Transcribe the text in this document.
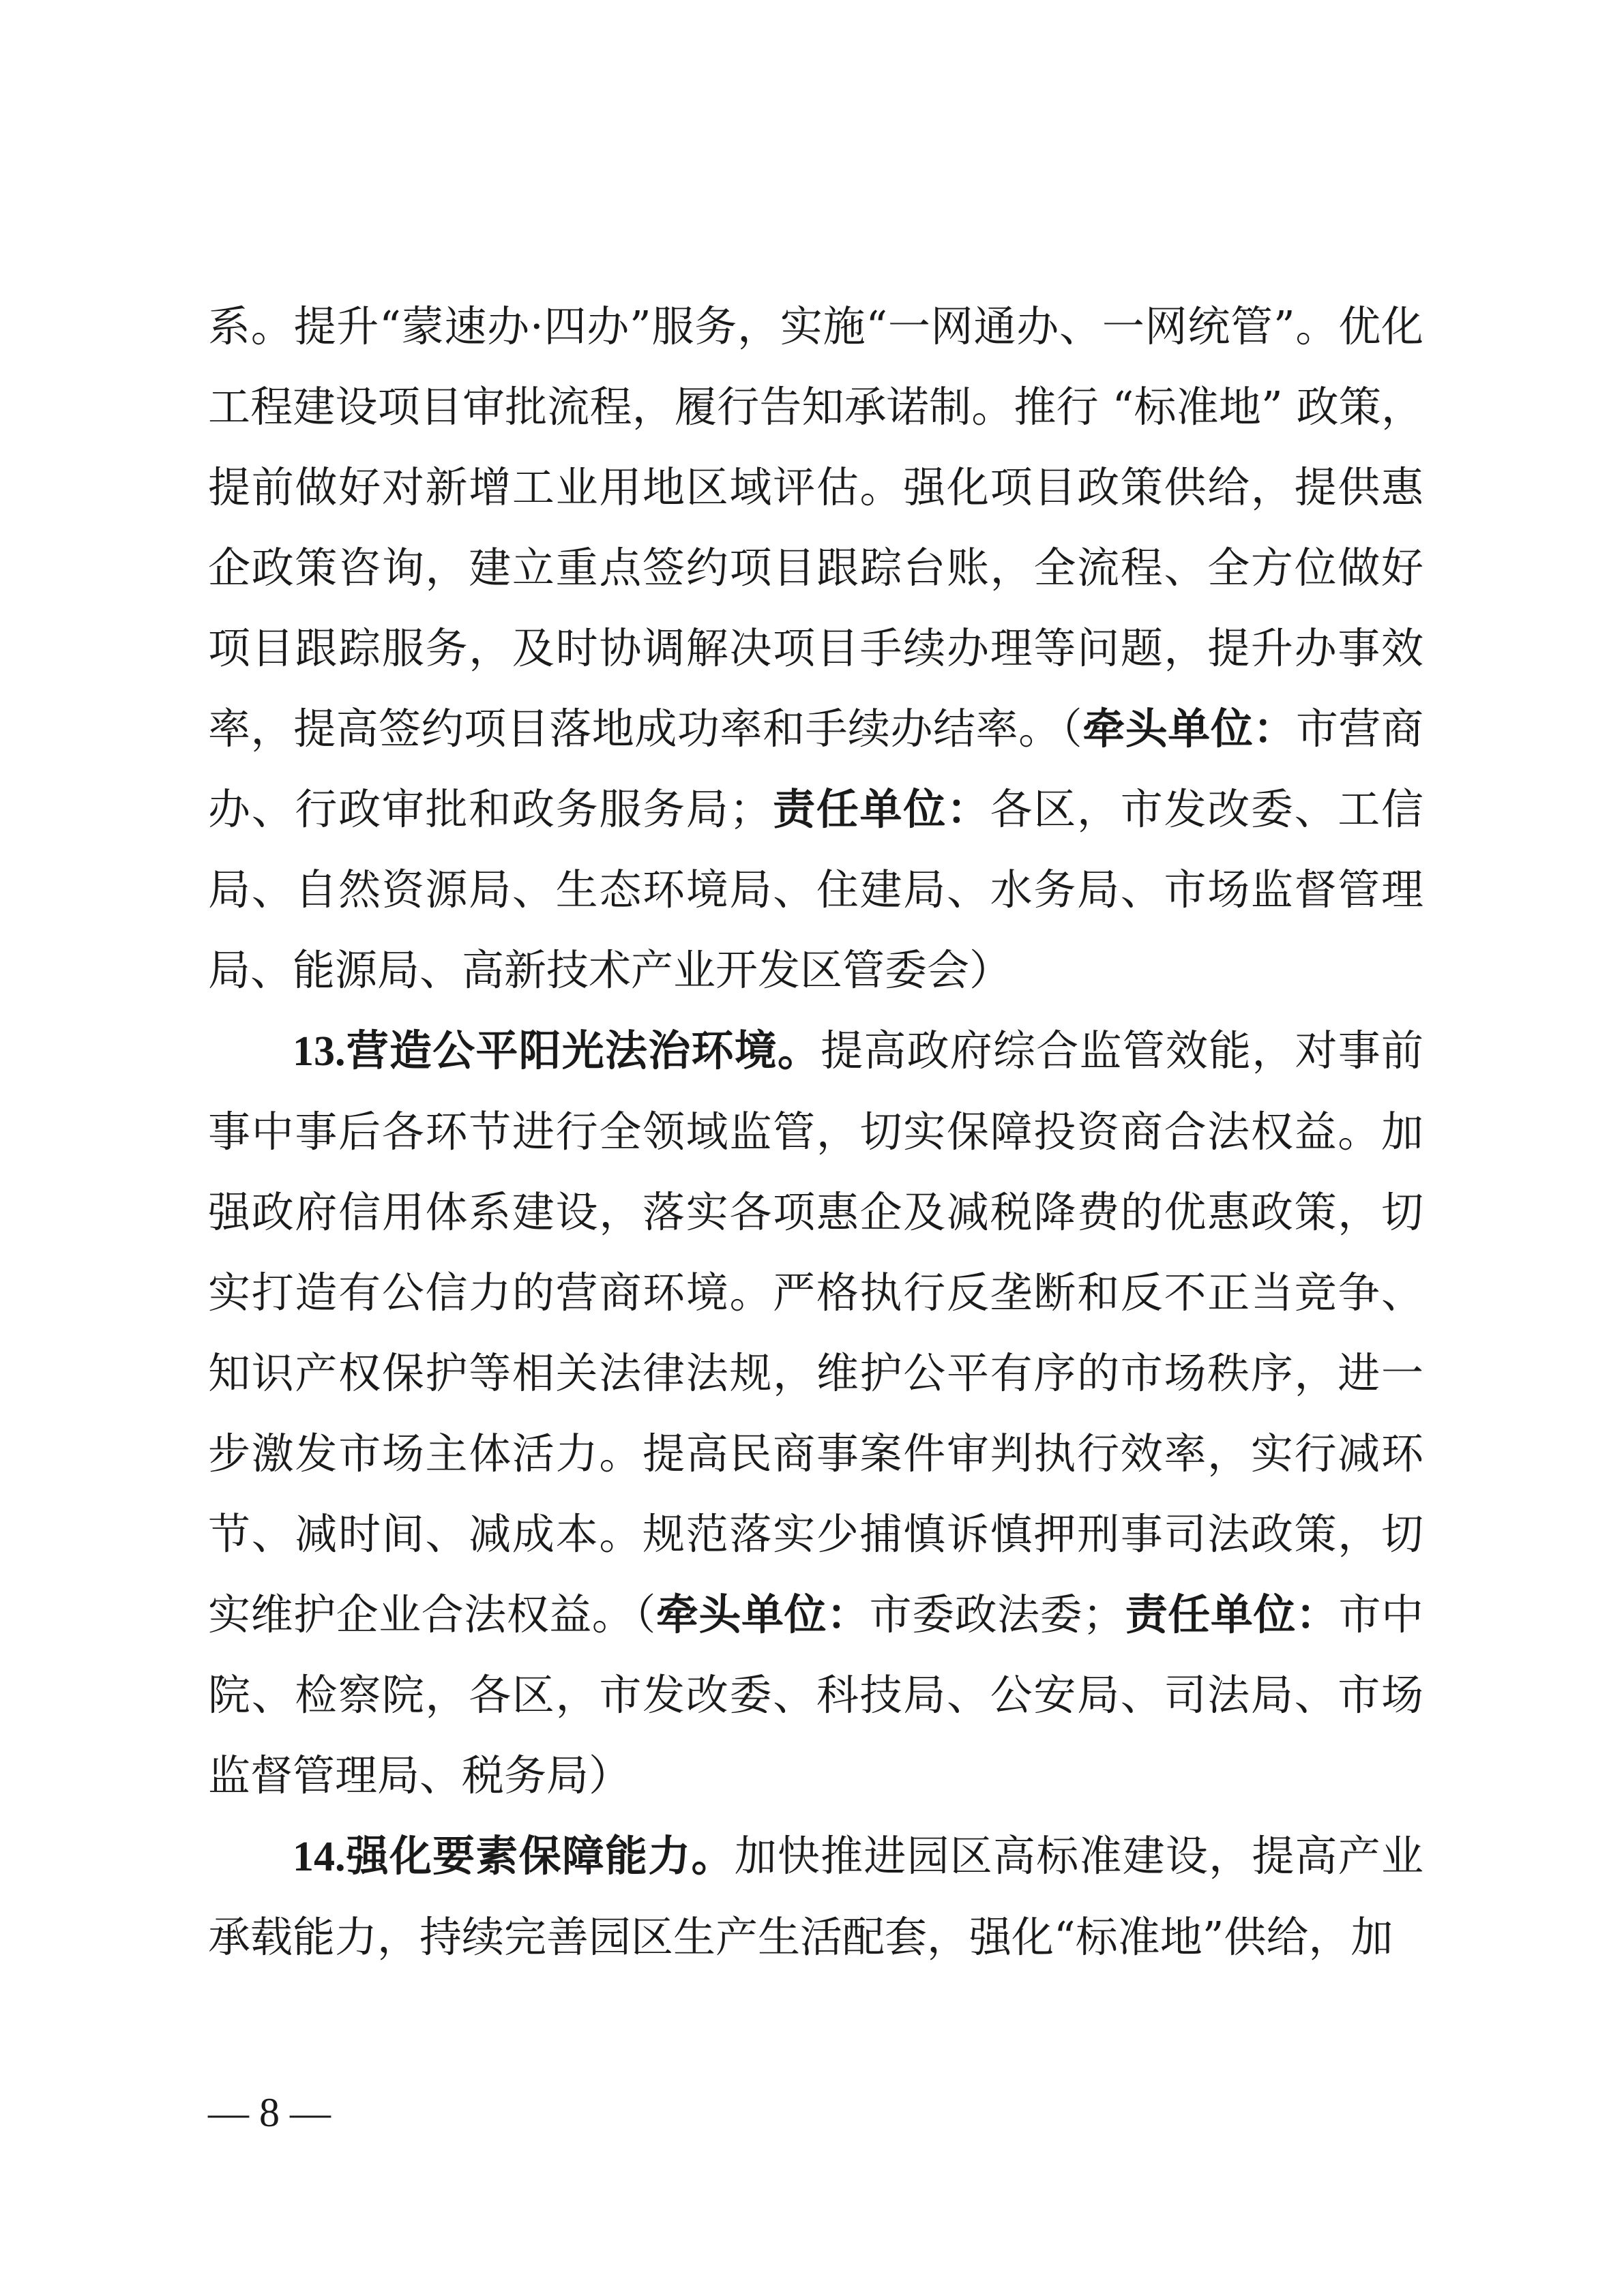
系。提升“蒙速办·四办”服务，实施“一网通办、一网统管”。优化工程建设项目审批流程，履行告知承诺制。推行 “标准地” 政策，提前做好对新增工业用地区域评估。强化项目政策供给，提供惠企政策咨询，建立重点签约项目跟踪台账，全流程、全方位做好项目跟踪服务，及时协调解决项目手续办理等问题，提升办事效率，提高签约项目落地成功率和手续办结率。（牵头单位：市营商办、行政审批和政务服务局；责任单位：各区，市发改委、工信局、自然资源局、生态环境局、住建局、水务局、市场监督管理局、能源局、高新技术产业开发区管委会）

13.营造公平阳光法治环境。提高政府综合监管效能，对事前事中事后各环节进行全领域监管，切实保障投资商合法权益。加强政府信用体系建设，落实各项惠企及减税降费的优惠政策，切实打造有公信力的营商环境。严格执行反垄断和反不正当竞争、知识产权保护等相关法律法规，维护公平有序的市场秩序，进一步激发市场主体活力。提高民商事案件审判执行效率，实行减环节、减时间、减成本。规范落实少捕慎诉慎押刑事司法政策，切实维护企业合法权益。（牵头单位：市委政法委；责任单位：市中院、检察院，各区，市发改委、科技局、公安局、司法局、市场监督管理局、税务局）

14.强化要素保障能力。加快推进园区高标准建设，提高产业承载能力，持续完善园区生产生活配套，强化“标准地”供给，加

— 8 —
